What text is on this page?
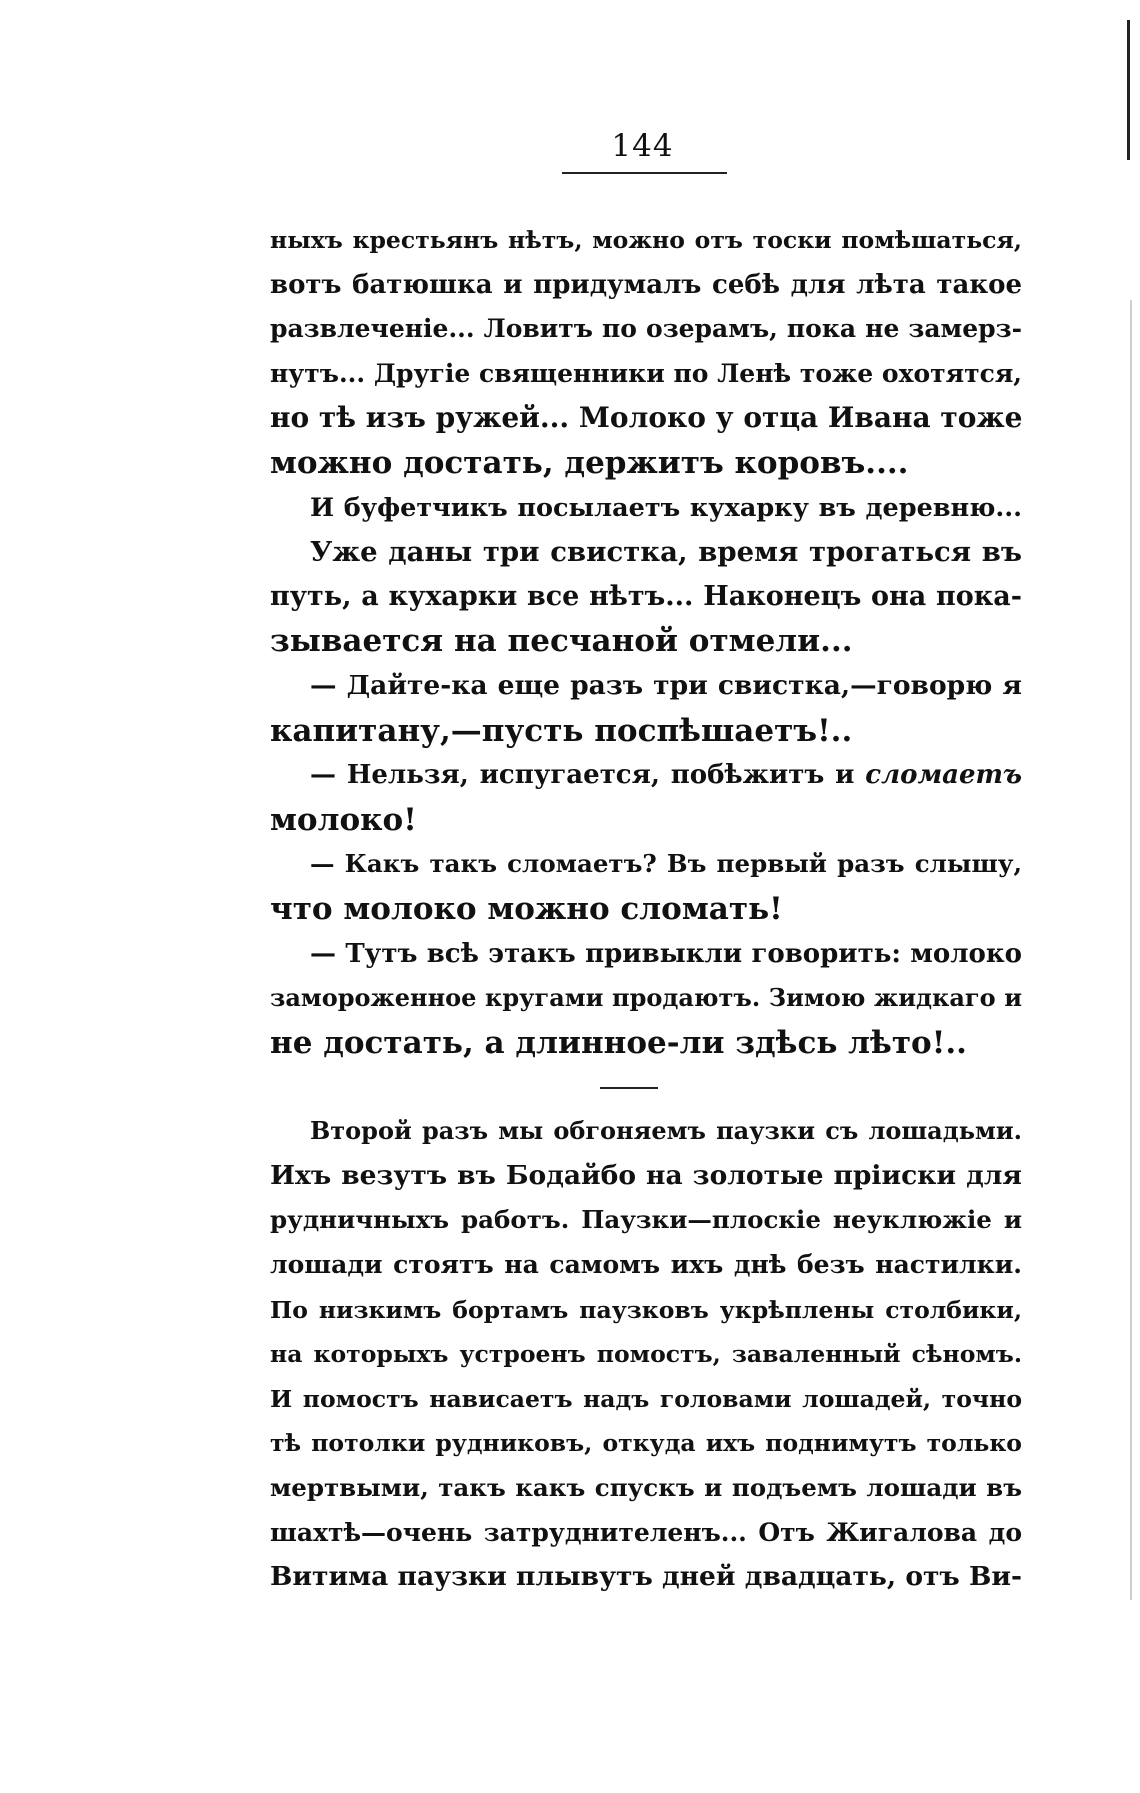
144
ныхъ крестьянъ нѣтъ, можно отъ тоски помѣшаться,
вотъ батюшка и придумалъ себѣ для лѣта такое
развлеченіе... Ловитъ по озерамъ, пока не замерз-
нутъ... Другіе священники по Ленѣ тоже охотятся,
но тѣ изъ ружей... Молоко у отца Ивана тоже
можно достать, держитъ коровъ....
И буфетчикъ посылаетъ кухарку въ деревню...
Уже даны три свистка, время трогаться въ
путь, а кухарки все нѣтъ... Наконецъ она пока-
зывается на песчаной отмели...
— Дайте-ка еще разъ три свистка,—говорю я
капитану,—пусть поспѣшаетъ!..
— Нельзя, испугается, побѣжитъ и сломаетъ
молоко!
— Какъ такъ сломаетъ? Въ первый разъ слышу,
что молоко можно сломать!
— Тутъ всѣ этакъ привыкли говорить: молоко
замороженное кругами продаютъ. Зимою жидкаго и
не достать, а длинное-ли здѣсь лѣто!..
Второй разъ мы обгоняемъ паузки съ лошадьми.
Ихъ везутъ въ Бодайбо на золотые пріиски для
рудничныхъ работъ. Паузки—плоскіе неуклюжіе и
лошади стоятъ на самомъ ихъ днѣ безъ настилки.
По низкимъ бортамъ паузковъ укрѣплены столбики,
на которыхъ устроенъ помостъ, заваленный сѣномъ.
И помостъ нависаетъ надъ головами лошадей, точно
тѣ потолки рудниковъ, откуда ихъ поднимутъ только
мертвыми, такъ какъ спускъ и подъемъ лошади въ
шахтѣ—очень затруднителенъ... Отъ Жигалова до
Витима паузки плывутъ дней двадцать, отъ Ви-
